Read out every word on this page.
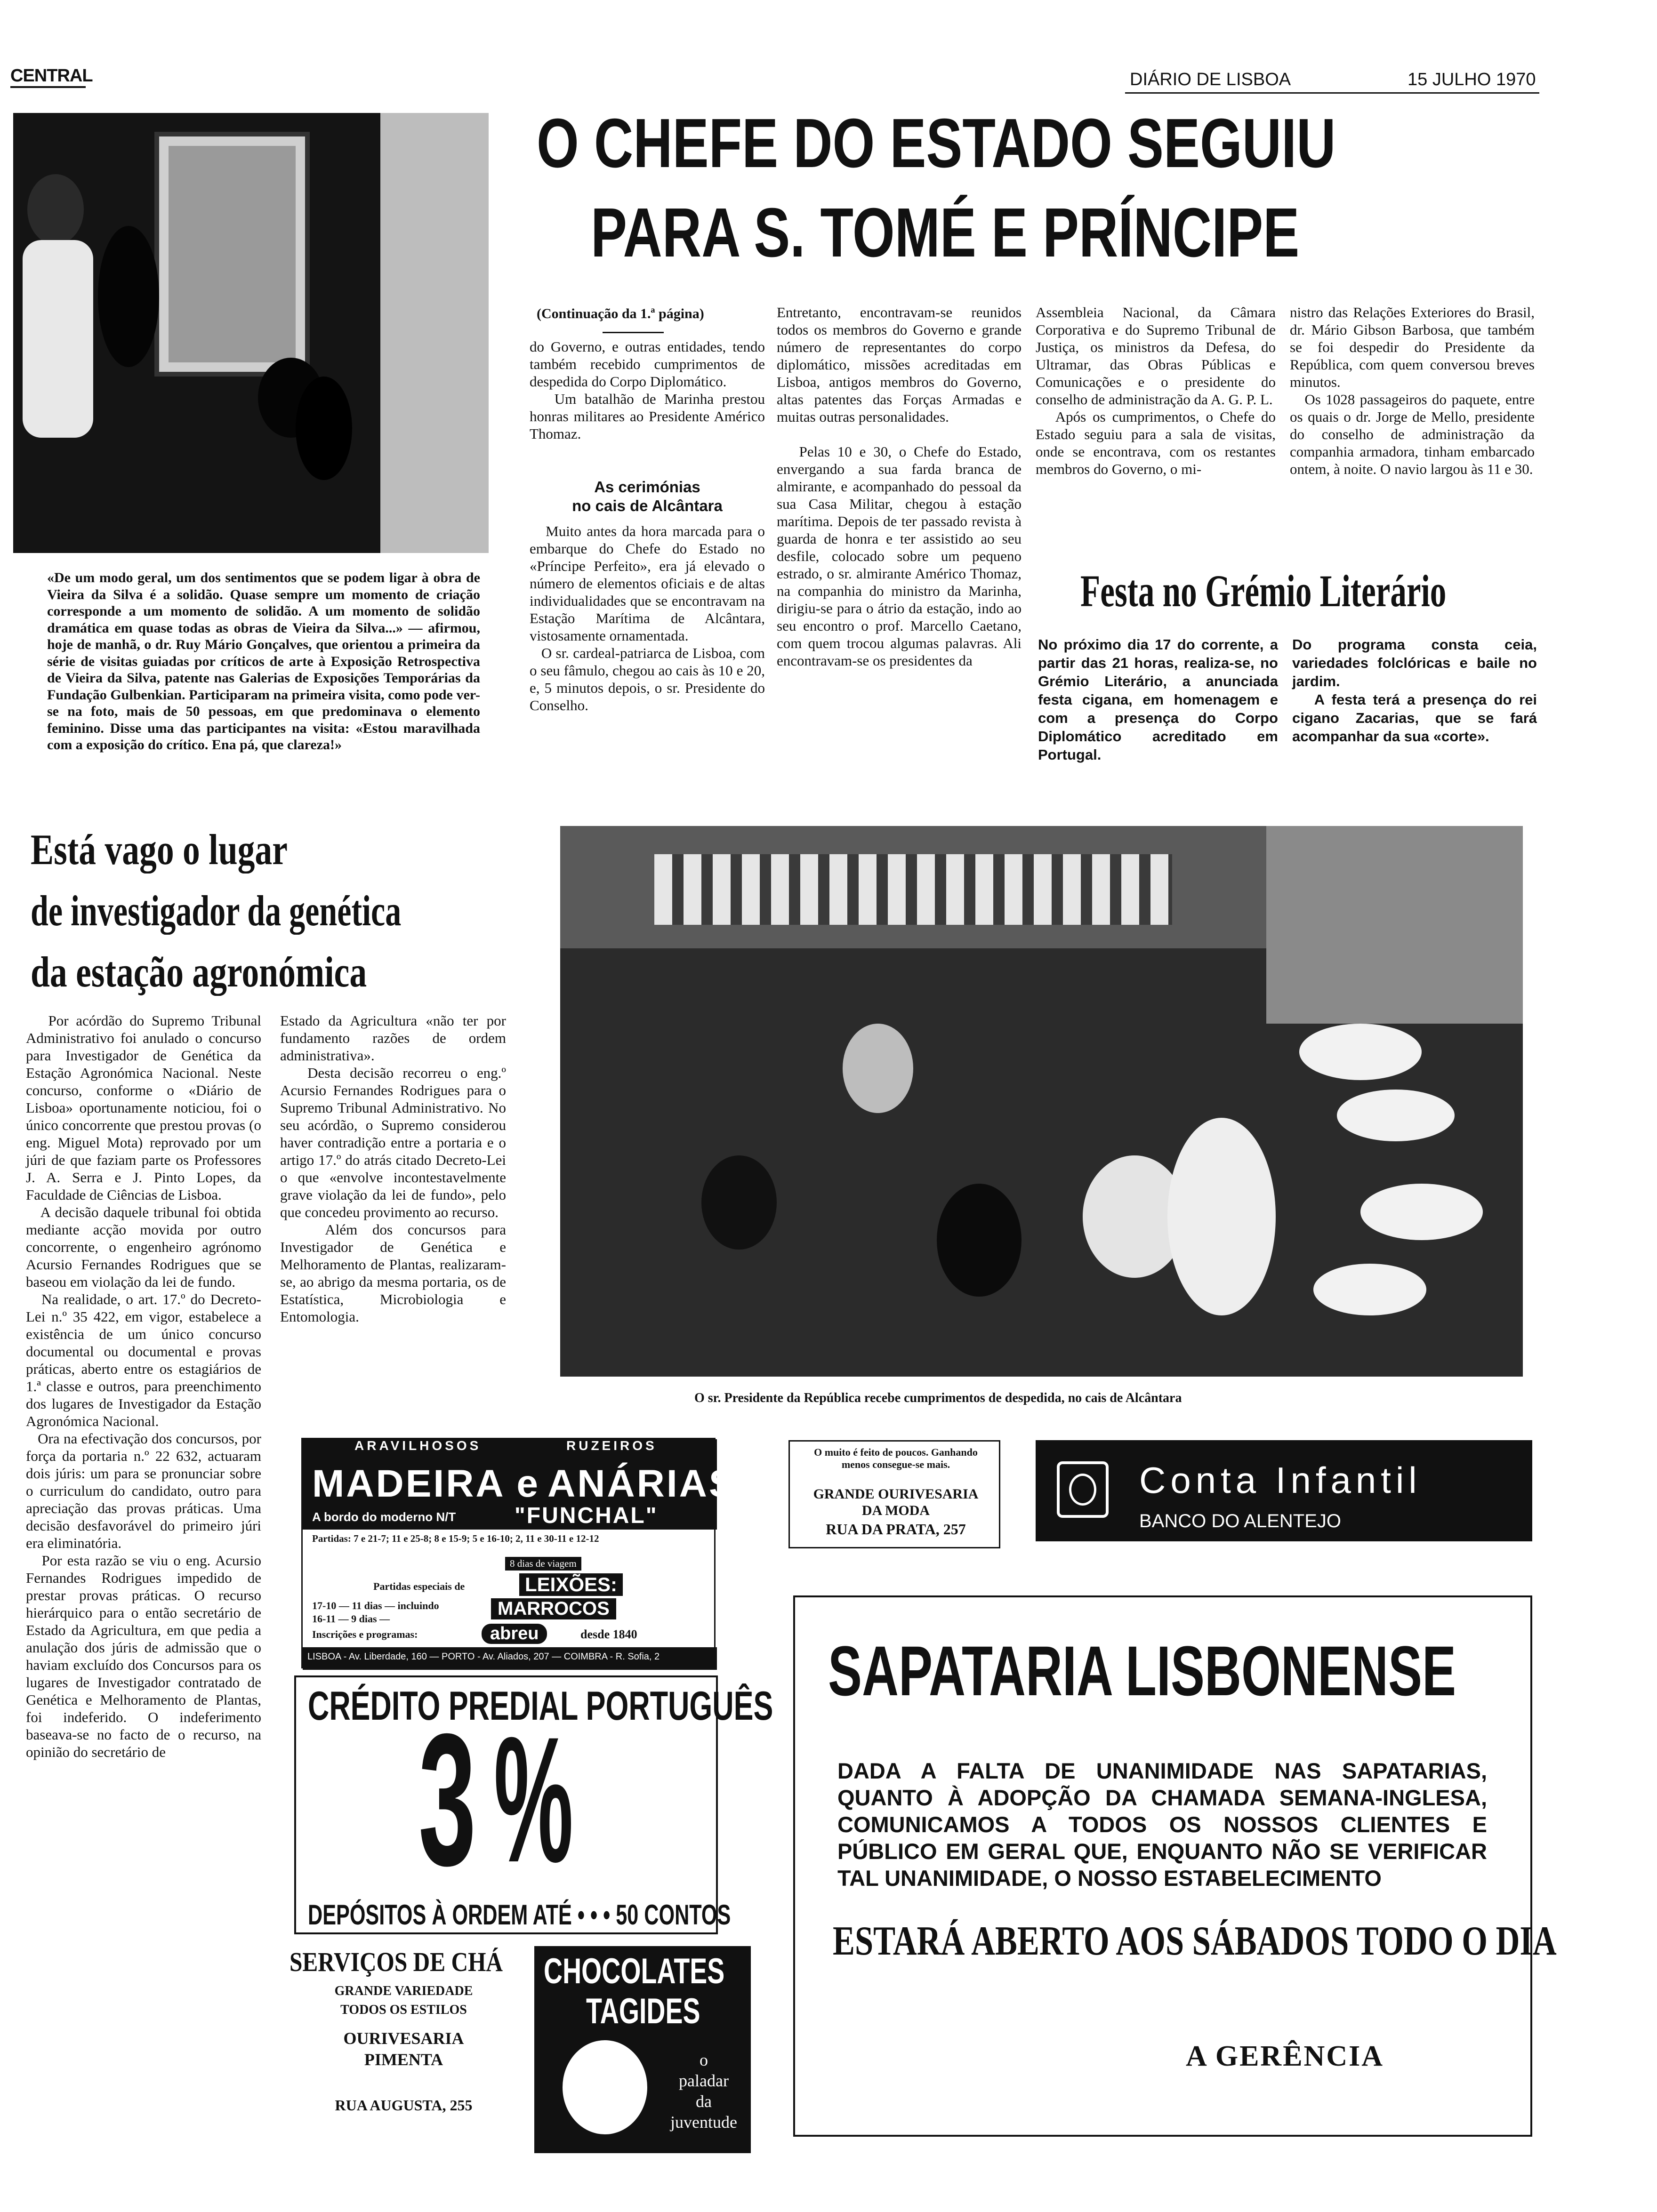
CENTRAL	DIÁRIO DE LISBOA	15 JULHO 1970
«De um modo geral, um dos sentimentos que se podem ligar à obra de Vieira da Silva é a solidão. Quase sempre um momento de criação corresponde a um momento de solidão. A um momento de solidão dramática em quase todas as obras de Vieira da Silva...» — afirmou, hoje de manhã, o dr. Ruy Mário Gonçalves, que orientou a primeira da série de visitas guiadas por críticos de arte à Exposição Retrospectiva de Vieira da Silva, patente nas Galerias de Exposições Temporárias da Fundação Gulbenkian. Participaram na primeira visita, como pode ver-se na foto, mais de 50 pessoas, em que predominava o elemento feminino. Disse uma das participantes na visita: «Estou maravilhada com a exposição do crítico. Ena pá, que clareza!»
O CHEFE DO ESTADO SEGUIU
PARA S. TOMÉ E PRÍNCIPE
(Continuação da 1.ª página)
do Governo, e outras entidades, tendo também recebido cumprimentos de despedida do Corpo Diplomático.
Um batalhão de Marinha prestou honras militares ao Presidente Américo Thomaz.
As cerimónias
no cais de Alcântara
Muito antes da hora marcada para o embarque do Chefe do Estado no «Príncipe Perfeito», era já elevado o número de elementos oficiais e de altas individualidades que se encontravam na Estação Marítima de Alcântara, vistosamente ornamentada.
O sr. cardeal-patriarca de Lisboa, com o seu fâmulo, chegou ao cais às 10 e 20, e, 5 minutos depois, o sr. Presidente do Conselho.
Entretanto, encontravam-se reunidos todos os membros do Governo e grande número de representantes do corpo diplomático, missões acreditadas em Lisboa, antigos membros do Governo, altas patentes das Forças Armadas e muitas outras personalidades.

Pelas 10 e 30, o Chefe do Estado, envergando a sua farda branca de almirante, e acompanhado do pessoal da sua Casa Militar, chegou à estação marítima. Depois de ter passado revista à guarda de honra e ter assistido ao seu desfile, colocado sobre um pequeno estrado, o sr. almirante Américo Thomaz, na companhia do ministro da Marinha, dirigiu-se para o átrio da estação, indo ao seu encontro o prof. Marcello Caetano, com quem trocou algumas palavras. Ali encontravam-se os presidentes da
Assembleia Nacional, da Câmara Corporativa e do Supremo Tribunal de Justiça, os ministros da Defesa, do Ultramar, das Obras Públicas e Comunicações e o presidente do conselho de administração da A. G. P. L.
Após os cumprimentos, o Chefe do Estado seguiu para a sala de visitas, onde se encontrava, com os restantes membros do Governo, o mi-
nistro das Relações Exteriores do Brasil, dr. Mário Gibson Barbosa, que também se foi despedir do Presidente da República, com quem conversou breves minutos.
Os 1028 passageiros do paquete, entre os quais o dr. Jorge de Mello, presidente do conselho de administração da companhia armadora, tinham embarcado ontem, à noite. O navio largou às 11 e 30.
Festa no Grémio Literário
No próximo dia 17 do corrente, a partir das 21 horas, realiza-se, no Grémio Literário, a anunciada festa cigana, em homenagem e com a presença do Corpo Diplomático acreditado em Portugal.
Do programa consta ceia, variedades folclóricas e baile no jardim.
A festa terá a presença do rei cigano Zacarias, que se fará acompanhar da sua «corte».
Está vago o lugar
de investigador da genética
da estação agronómica
Por acórdão do Supremo Tribunal Administrativo foi anulado o concurso para Investigador de Genética da Estação Agronómica Nacional. Neste concurso, conforme o «Diário de Lisboa» oportunamente noticiou, foi o único concorrente que prestou provas (o eng. Miguel Mota) reprovado por um júri de que faziam parte os Professores J. A. Serra e J. Pinto Lopes, da Faculdade de Ciências de Lisboa.
A decisão daquele tribunal foi obtida mediante acção movida por outro concorrente, o engenheiro agrónomo Acursio Fernandes Rodrigues que se baseou em violação da lei de fundo.
Na realidade, o art. 17.º do Decreto-Lei n.º 35 422, em vigor, estabelece a existência de um único concurso documental ou documental e provas práticas, aberto entre os estagiários de 1.ª classe e outros, para preenchimento dos lugares de Investigador da Estação Agronómica Nacional.
Ora na efectivação dos concursos, por força da portaria n.º 22 632, actuaram dois júris: um para se pronunciar sobre o curriculum do candidato, outro para apreciação das provas práticas. Uma decisão desfavorável do primeiro júri era eliminatória.
Por esta razão se viu o eng. Acursio Fernandes Rodrigues impedido de prestar provas práticas. O recurso hierárquico para o então secretário de Estado da Agricultura, em que pedia a anulação dos júris de admissão que o haviam excluído dos Concursos para os lugares de Investigador contratado de Genética e Melhoramento de Plantas, foi indeferido. O indeferimento baseava-se no facto de o recurso, na opinião do secretário de
Estado da Agricultura «não ter por fundamento razões de ordem administrativa».
Desta decisão recorreu o eng.º Acursio Fernandes Rodrigues para o Supremo Tribunal Administrativo. No seu acórdão, o Supremo considerou haver contradição entre a portaria e o artigo 17.º do atrás citado Decreto-Lei o que «envolve incontestavelmente grave violação da lei de fundo», pelo que concedeu provimento ao recurso.
Além dos concursos para Investigador de Genética e Melhoramento de Plantas, realizaram-se, ao abrigo da mesma portaria, os de Estatística, Microbiologia e Entomologia.
O sr. Presidente da República recebe cumprimentos de despedida, no cais de Alcântara
ARAVILHOSOS	RUZEIROS
MADEIRA e ANÁRIAS
A bordo do moderno N/T	"FUNCHAL"
Partidas: 7 e 21-7; 11 e 25-8; 8 e 15-9; 5 e 16-10; 2, 11 e 30-11 e 12-12
8 dias de viagem
Partidas especiais de	LEIXÕES:
17-10 — 11 dias — incluindo
16-11 — 9 dias —	MARROCOS
Inscrições e programas:	abreu	desde 1840
LISBOA - Av. Liberdade, 160 — PORTO - Av. Aliados, 207 — COIMBRA - R. Sofia, 2
O muito é feito de poucos. Ganhando menos consegue-se mais.
GRANDE OURIVESARIA
DA MODA
RUA DA PRATA, 257
Conta Infantil
BANCO DO ALENTEJO
CRÉDITO PREDIAL PORTUGUÊS
3 %
DEPÓSITOS À ORDEM ATÉ • • • 50 CONTOS
SERVIÇOS DE CHÁ
GRANDE VARIEDADE
TODOS OS ESTILOS
OURIVESARIA
PIMENTA
RUA AUGUSTA, 255
CHOCOLATES
TAGIDES
o
paladar
da
juventude
SAPATARIA LISBONENSE
DADA A FALTA DE UNANIMIDADE NAS SAPATARIAS, QUANTO À ADOPÇÃO DA CHAMADA SEMANA-INGLESA, COMUNICAMOS A TODOS OS NOSSOS CLIENTES E PÚBLICO EM GERAL QUE, ENQUANTO NÃO SE VERIFICAR TAL UNANIMIDADE, O NOSSO ESTABELECIMENTO
ESTARÁ ABERTO AOS SÁBADOS TODO O DIA
A GERÊNCIA
